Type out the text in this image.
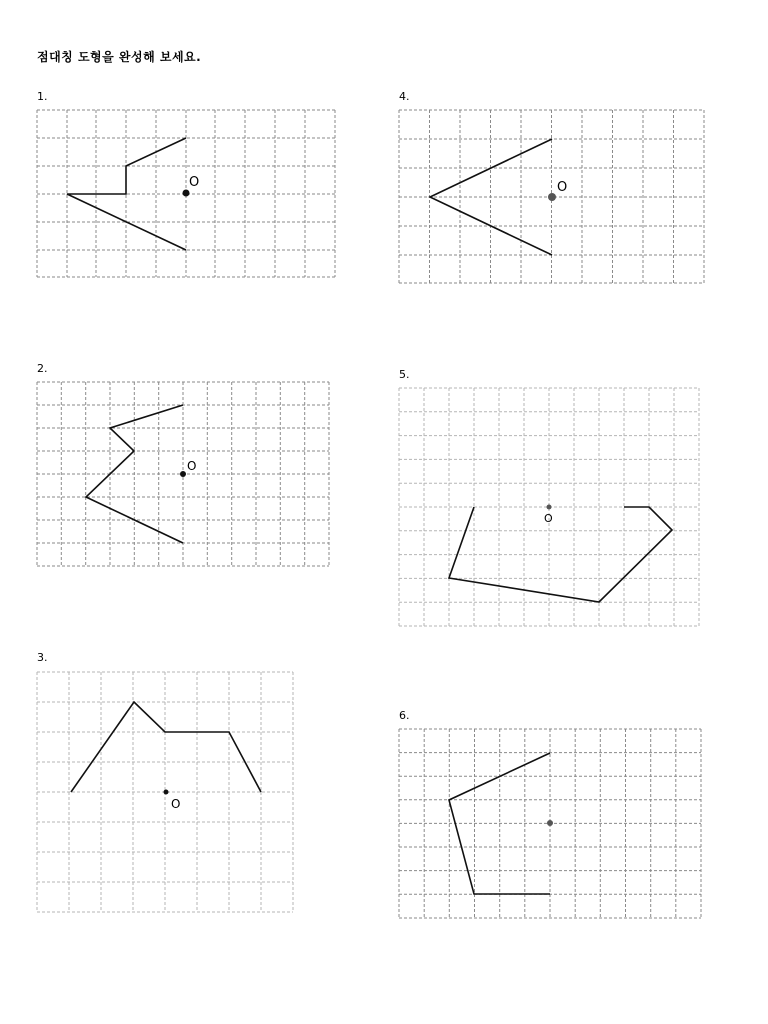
점대칭 도형을 완성해 보세요.
1.
O
4.
O
2.
O
5.
O
3.
O
6.
